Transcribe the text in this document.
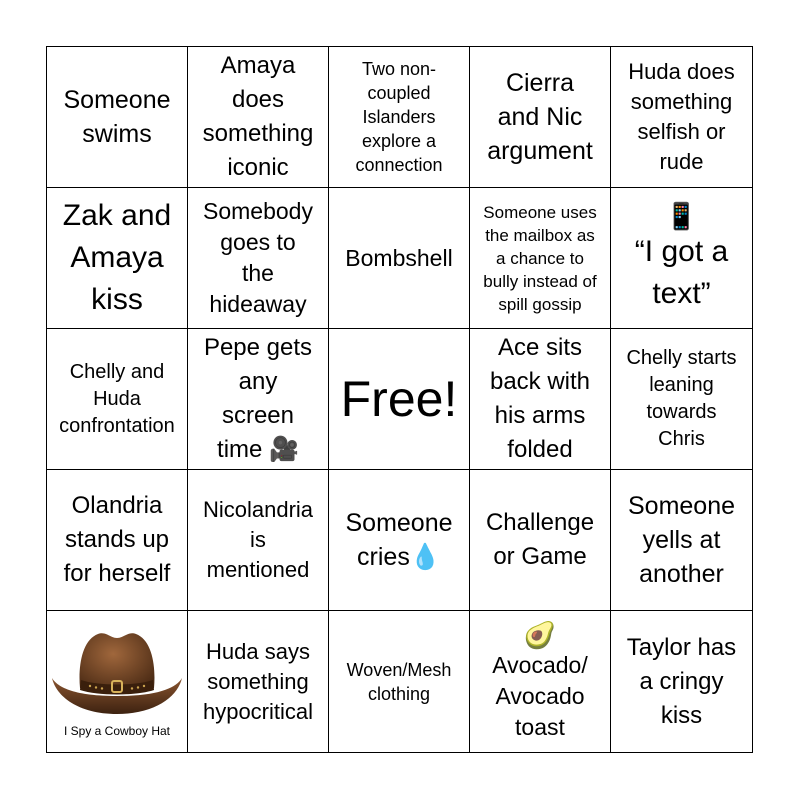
Someone
swims
Amaya
does
something
iconic
Two non-
coupled
Islanders
explore a
connection
Cierra
and Nic
argument
Huda does
something
selfish or
rude
Zak and
Amaya
kiss
Somebody
goes to
the
hideaway
Bombshell
Someone uses
the mailbox as
a chance to
bully instead of
spill gossip
📱
“I got a
text”
Chelly and
Huda
confrontation
Pepe gets
any
screen
time 🎥
Free!
Ace sits
back with
his arms
folded
Chelly starts
leaning
towards
Chris
Olandria
stands up
for herself
Nicolandria
is
mentioned
Someone
cries💧
Challenge
or Game
Someone
yells at
another
I Spy a Cowboy Hat
Huda says
something
hypocritical
Woven/Mesh
clothing
🥑
Avocado/
Avocado
toast
Taylor has
a cringy
kiss
